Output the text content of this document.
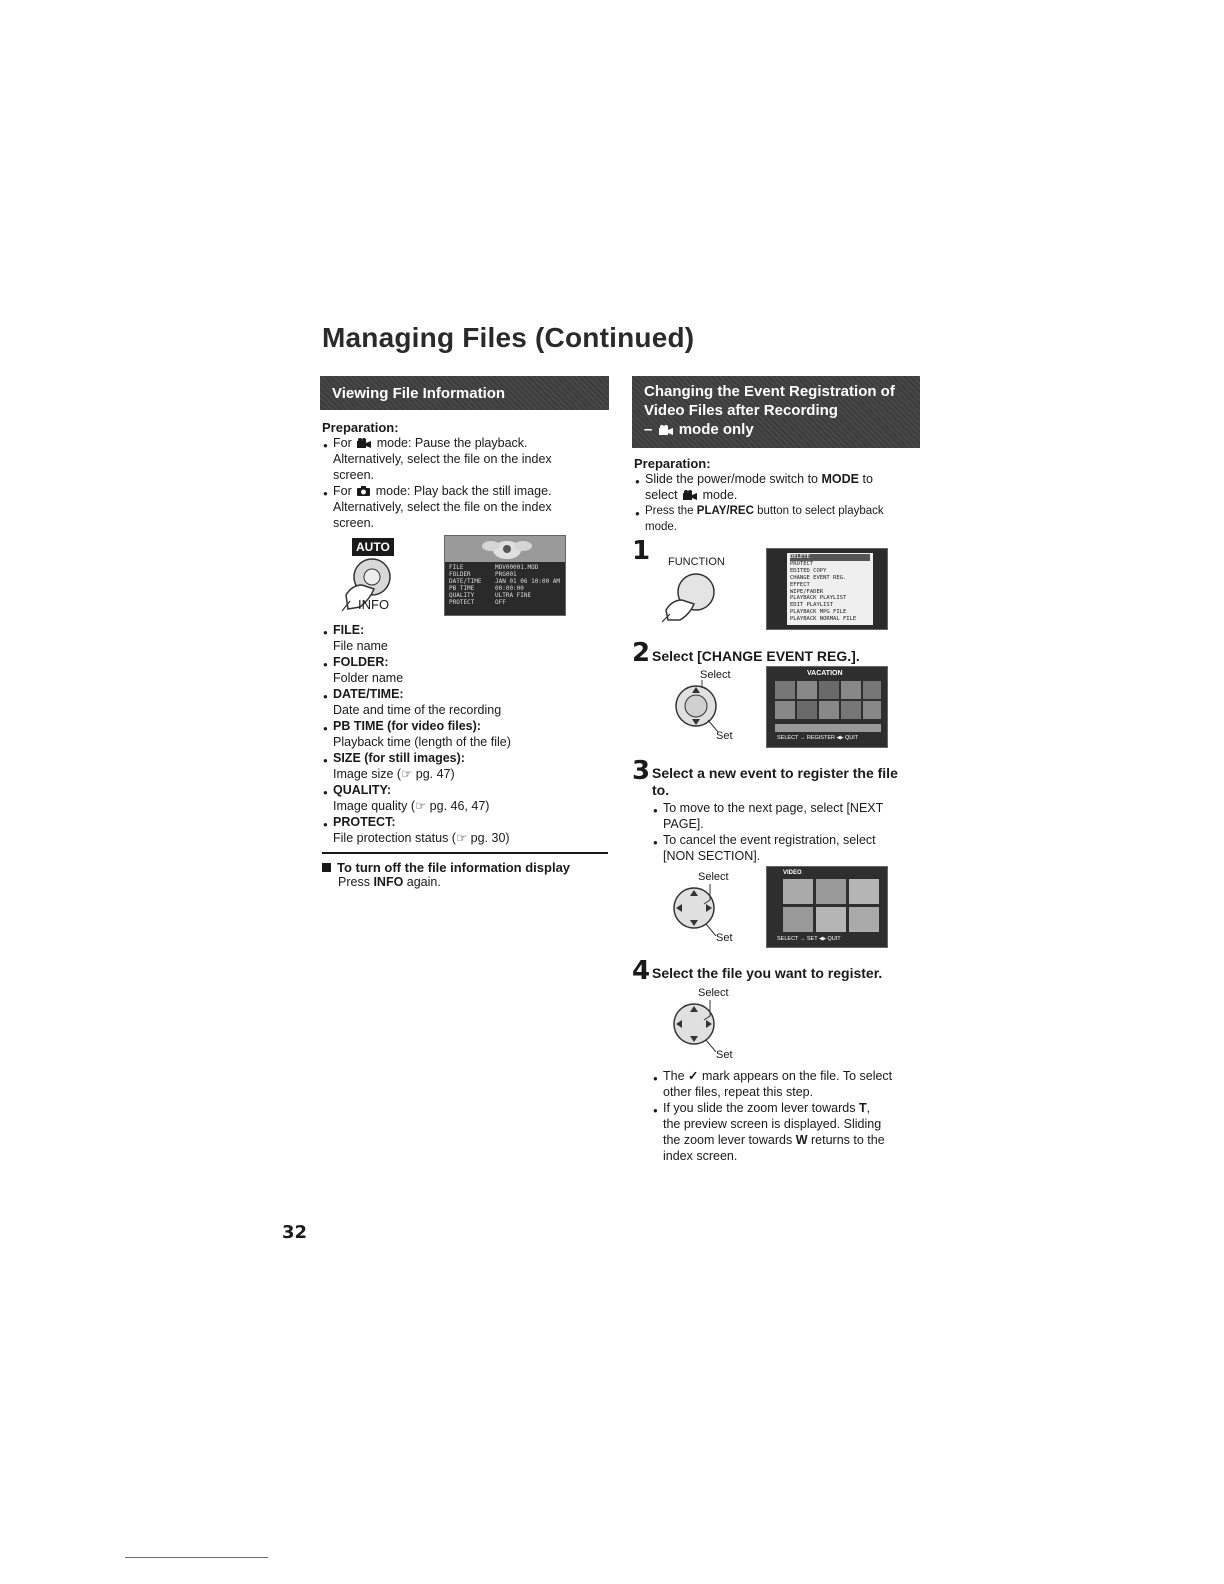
Managing Files (Continued)
Viewing File Information
Preparation:
● For mode: Pause the playback.
Alternatively, select the file on the index
screen.
● For mode: Play back the still image.
Alternatively, select the file on the index
screen.
AUTO
INFO
FILE
FOLDER
DATE/TIME
PB TIME
QUALITY
PROTECT
MOV00001.MOD
PRG001
JAN 01 06 10:00 AM
00:00:00
ULTRA FINE
OFF
● FILE:
File name
● FOLDER:
Folder name
● DATE/TIME:
Date and time of the recording
● PB TIME (for video files):
Playback time (length of the file)
● SIZE (for still images):
Image size (☞ pg. 47)
● QUALITY:
Image quality (☞ pg. 46, 47)
● PROTECT:
File protection status (☞ pg. 30)
To turn off the file information display
Press INFO again.
Changing the Event Registration of
Video Files after Recording
– mode only
Preparation:
● Slide the power/mode switch to MODE to
select mode.
● Press the PLAY/REC button to select playback
mode.
1 FUNCTION	DELETE
PROTECT
EDITED COPY
CHANGE EVENT REG.
EFFECT
WIPE/FADER
PLAYBACK PLAYLIST
EDIT PLAYLIST
PLAYBACK MPG FILE
PLAYBACK NORMAL FILE
2 Select [CHANGE EVENT REG.].
Select
Set
VACATION
SELECT → REGISTER ◀▸ QUIT
3 Select a new event to register the file
to.
● To move to the next page, select [NEXT
PAGE].
● To cancel the event registration, select
[NON SECTION].
Select
Set
VIDEO
SELECT → SET ◀▸ QUIT
4 Select the file you want to register.
Select
Set
● The ✓ mark appears on the file. To select
other files, repeat this step.
● If you slide the zoom lever towards T,
the preview screen is displayed. Sliding
the zoom lever towards W returns to the
index screen.
32
